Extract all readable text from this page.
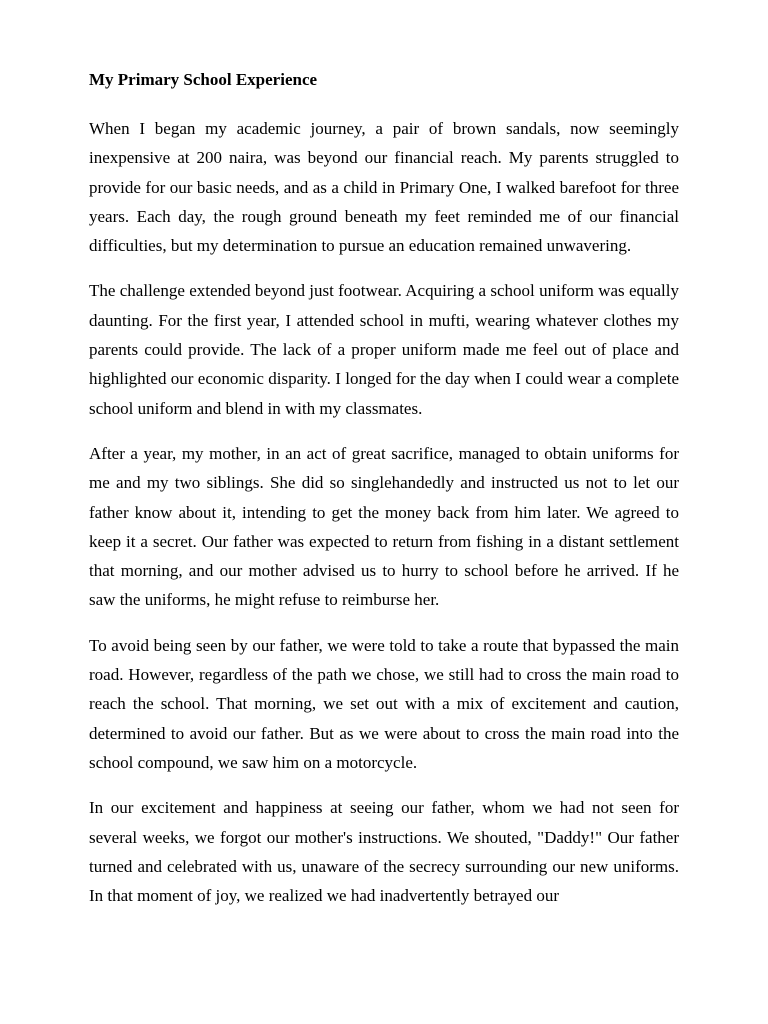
My Primary School Experience

When I began my academic journey, a pair of brown sandals, now seemingly inexpensive at 200 naira, was beyond our financial reach. My parents struggled to provide for our basic needs, and as a child in Primary One, I walked barefoot for three years. Each day, the rough ground beneath my feet reminded me of our financial difficulties, but my determination to pursue an education remained unwavering.

The challenge extended beyond just footwear. Acquiring a school uniform was equally daunting. For the first year, I attended school in mufti, wearing whatever clothes my parents could provide. The lack of a proper uniform made me feel out of place and highlighted our economic disparity. I longed for the day when I could wear a complete school uniform and blend in with my classmates.

After a year, my mother, in an act of great sacrifice, managed to obtain uniforms for me and my two siblings. She did so singlehandedly and instructed us not to let our father know about it, intending to get the money back from him later. We agreed to keep it a secret. Our father was expected to return from fishing in a distant settlement that morning, and our mother advised us to hurry to school before he arrived. If he saw the uniforms, he might refuse to reimburse her.

To avoid being seen by our father, we were told to take a route that bypassed the main road. However, regardless of the path we chose, we still had to cross the main road to reach the school. That morning, we set out with a mix of excitement and caution, determined to avoid our father. But as we were about to cross the main road into the school compound, we saw him on a motorcycle.

In our excitement and happiness at seeing our father, whom we had not seen for several weeks, we forgot our mother's instructions. We shouted, "Daddy!" Our father turned and celebrated with us, unaware of the secrecy surrounding our new uniforms. In that moment of joy, we realized we had inadvertently betrayed our
